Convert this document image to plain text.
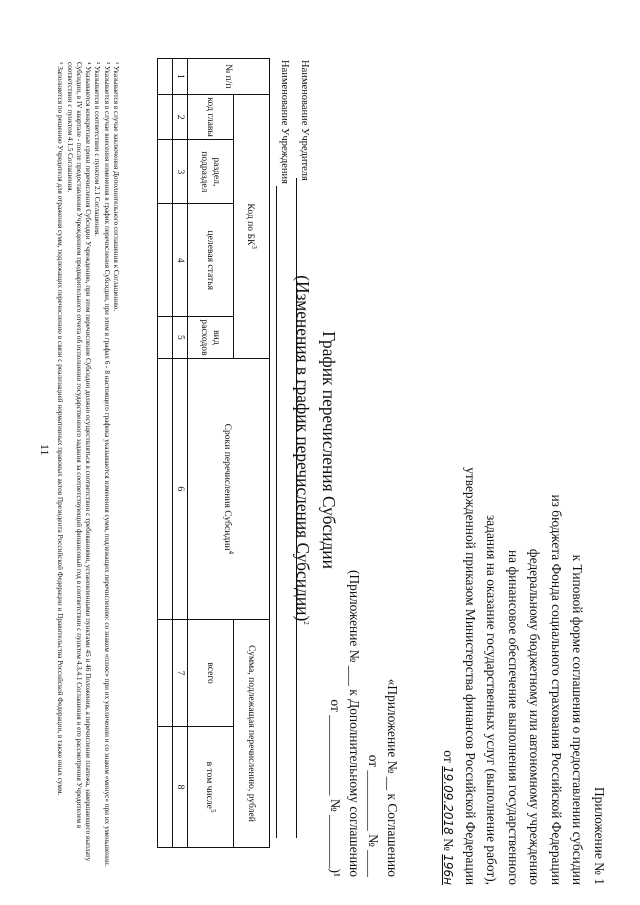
11
Приложение № 1
к Типовой форме соглашения о предоставлении субсидии
из бюджета Фонда социального страхования Российской Федерации
федеральному бюджетному или автономному учреждению
на финансовое обеспечение выполнения государственного
задания на оказание государственных услуг (выполнение работ),
утвержденной приказом Министерства финансов Российской Федерации
от 19.09.2018 № 196н
«Приложение № __ к Соглашению
от _________ № ____
(Приложение № ___ к Дополнительному соглашению
от ____________ № ________)¹
График перечисления Субсидии
(Изменения в график перечисления Субсидии)$^2$
Наименование Учредителя
Наименование Учреждения
№ п/п	Код по $БК^3$				Сроки перечисления Субсидии$^4$	Сумма, подлежащая перечислению, рублей	
	код главы	раздел, подраздел	целевая статья	вид расходов		всего	в том числе$^5$
1	2	3	4	5	6	7	8

¹ Указывается в случае заключения Дополнительного соглашения к Соглашению.

² Указывается в случае внесения изменения в график перечисления Субсидии, при этом в графах 6 - 8 настоящего графика указываются изменения сумм, подлежащих перечислению: со знаком «плюс» при их увеличении и со знаком «минус» при их уменьшении.

³ Указывается в соответствии с пунктом 2.1 Соглашения.

⁴ Указываются конкретные сроки перечисления Субсидии Учреждению, при этом перечисление Субсидии должно осуществляться в соответствии с требованиями, установленными пунктами 45 и 46 Положения, а перечисление платежа, завершающего выплату Субсидии, в IV квартале - после предоставления Учреждением предварительного отчета об исполнении государственного задания за соответствующий финансовый год в соответствии с пунктом 4.3.4.1 Соглашения и его рассмотрения Учредителем в соответствии с пунктом 4.1.5 Соглашения.

⁵ Заполняется по решению Учредителя для отражения сумм, подлежащих перечислению в связи с реализацией нормативных правовых актов Президента Российской Федерации и Правительства Российской Федерации, в также иных сумм.
